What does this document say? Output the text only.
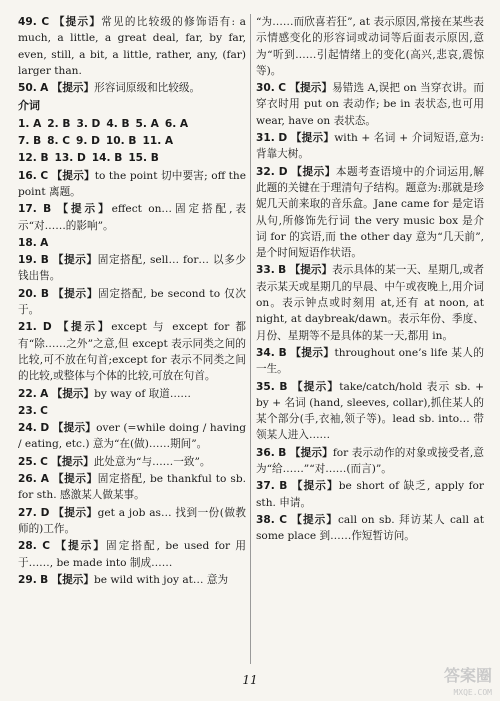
49. C 【提示】常见的比较级的修饰语有: a much, a little, a great deal, far, by far, even, still, a bit, a little, rather, any, (far) larger than.
50. A 【提示】形容词原级和比较级。
介词
1. A 2. B 3. D 4. B 5. A 6. A
7. B 8. C 9. D 10. B 11. A
12. B 13. D 14. B 15. B
16. C 【提示】to the point 切中要害; off the point 离题。
17. B 【提示】effect on…固定搭配,表示“对……的影响”。
18. A
19. B 【提示】固定搭配, sell… for… 以多少钱出售。
20. B 【提示】固定搭配, be second to 仅次于。
21. D 【提示】except 与 except for 都有“除……之外”之意,但 except 表示同类之间的比较,可不放在句首;except for 表示不同类之间的比较,或整体与个体的比较,可放在句首。
22. A 【提示】by way of 取道……
23. C
24. D 【提示】over (=while doing / having / eating, etc.) 意为“在(做)……期间”。
25. C 【提示】此处意为“与……一致”。
26. A 【提示】固定搭配, be thankful to sb. for sth. 感激某人做某事。
27. D 【提示】get a job as… 找到一份(做教师的)工作。
28. C 【提示】固定搭配, be used for 用于……, be made into 制成……
29. B 【提示】be wild with joy at… 意为
“为……而欣喜若狂”, at 表示原因,常接在某些表示情感变化的形容词或动词等后面表示原因,意为“听到……引起情绪上的变化(高兴,悲哀,震惊等)。
30. C 【提示】易错选 A,误把 on 当穿衣讲。而穿衣时用 put on 表动作; be in 表状态,也可用 wear, have on 表状态。
31. D 【提示】with + 名词 + 介词短语,意为:背靠大树。
32. D 【提示】本题考查语境中的介词运用,解此题的关键在于理清句子结构。题意为:那就是珍妮几天前来取的音乐盒。Jane came for 是定语从句,所修饰先行词 the very music box 是介词 for 的宾语,而 the other day 意为“几天前”,是个时间短语作状语。
33. B 【提示】表示具体的某一天、星期几,或者表示某天或星期几的早晨、中午或夜晚上,用介词 on。表示钟点或时刻用 at,还有 at noon, at night, at daybreak/dawn。表示年份、季度、月份、星期等不是具体的某一天,都用 in。
34. B 【提示】throughout one’s life 某人的一生。
35. B 【提示】take/catch/hold 表示 sb. + by + 名词 (hand, sleeves, collar),抓住某人的某个部分(手,衣袖,领子等)。lead sb. into… 带领某人进入……
36. B 【提示】for 表示动作的对象或接受者,意为“给……”“对……(而言)”。
37. B 【提示】be short of 缺乏, apply for sth. 申请。
38. C 【提示】call on sb. 拜访某人 call at some place 到……作短暂访问。
11	答案圈
MXQE.COM
